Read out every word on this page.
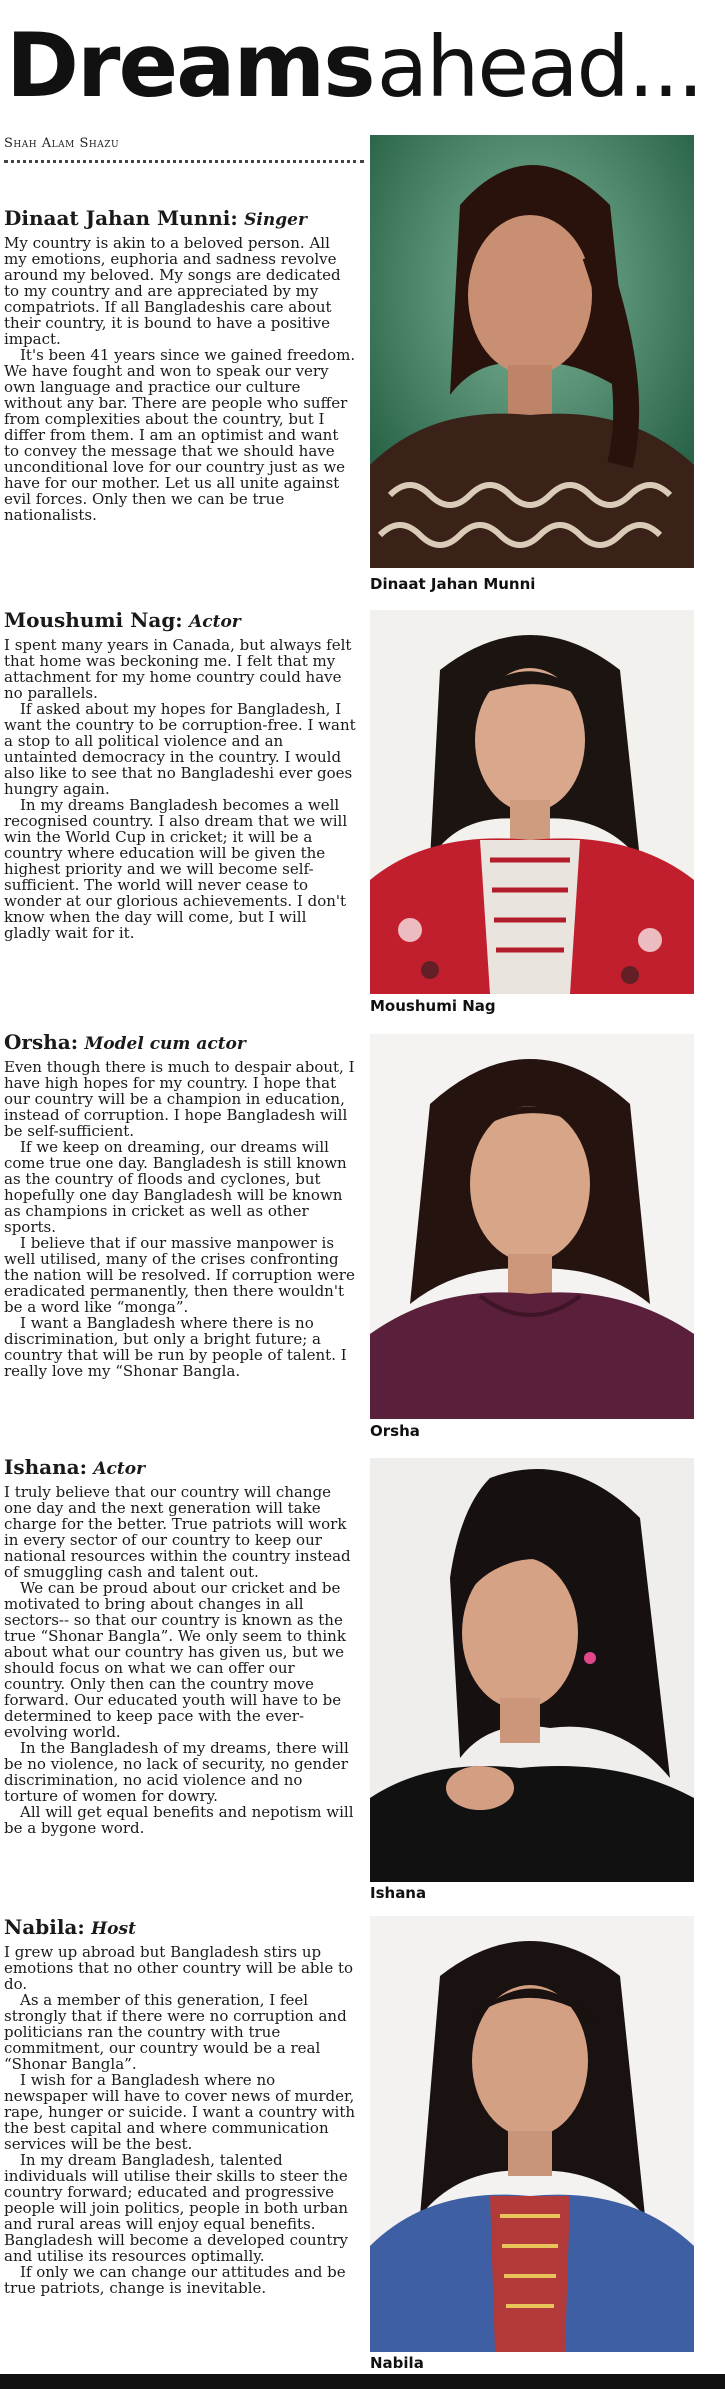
Dreams ahead...
Shah Alam Shazu
Dinaat Jahan Munni: Singer

My country is akin to a beloved person. All my emotions, euphoria and sadness revolve around my beloved. My songs are dedicated to my country and are appreciated by my compatriots. If all Bangladeshis care about their country, it is bound to have a positive impact.

It's been 41 years since we gained freedom. We have fought and won to speak our very own language and practice our culture without any bar. There are people who suffer from complexities about the country, but I differ from them. I am an optimist and want to convey the message that we should have unconditional love for our country just as we have for our mother. Let us all unite against evil forces. Only then we can be true nationalists.

Dinaat Jahan Munni
Moushumi Nag: Actor

I spent many years in Canada, but always felt that home was beckoning me. I felt that my attachment for my home country could have no parallels.

If asked about my hopes for Bangladesh, I want the country to be corruption-free. I want a stop to all political violence and an untainted democracy in the country. I would also like to see that no Bangladeshi ever goes hungry again.

In my dreams Bangladesh becomes a well recognised country. I also dream that we will win the World Cup in cricket; it will be a country where education will be given the highest priority and we will become self-sufficient. The world will never cease to wonder at our glorious achievements. I don't know when the day will come, but I will gladly wait for it.

Moushumi Nag
Orsha: Model cum actor

Even though there is much to despair about, I have high hopes for my country. I hope that our country will be a champion in education, instead of corruption. I hope Bangladesh will be self-sufficient.

If we keep on dreaming, our dreams will come true one day. Bangladesh is still known as the country of floods and cyclones, but hopefully one day Bangladesh will be known as champions in cricket as well as other sports.

I believe that if our massive manpower is well utilised, many of the crises confronting the nation will be resolved. If corruption were eradicated permanently, then there wouldn't be a word like “monga”.

I want a Bangladesh where there is no discrimination, but only a bright future; a country that will be run by people of talent. I really love my “Shonar Bangla.

Orsha
Ishana: Actor

I truly believe that our country will change one day and the next generation will take charge for the better. True patriots will work in every sector of our country to keep our national resources within the country instead of smuggling cash and talent out.

We can be proud about our cricket and be motivated to bring about changes in all sectors-- so that our country is known as the true “Shonar Bangla”. We only seem to think about what our country has given us, but we should focus on what we can offer our country. Only then can the country move forward. Our educated youth will have to be determined to keep pace with the ever-evolving world.

In the Bangladesh of my dreams, there will be no violence, no lack of security, no gender discrimination, no acid violence and no torture of women for dowry.

All will get equal benefits and nepotism will be a bygone word.

Ishana
Nabila: Host

I grew up abroad but Bangladesh stirs up emotions that no other country will be able to do.

As a member of this generation, I feel strongly that if there were no corruption and politicians ran the country with true commitment, our country would be a real “Shonar Bangla”.

I wish for a Bangladesh where no newspaper will have to cover news of murder, rape, hunger or suicide. I want a country with the best capital and where communication services will be the best.

In my dream Bangladesh, talented individuals will utilise their skills to steer the country forward; educated and progressive people will join politics, people in both urban and rural areas will enjoy equal benefits. Bangladesh will become a developed country and utilise its resources optimally.

If only we can change our attitudes and be true patriots, change is inevitable.

Nabila
